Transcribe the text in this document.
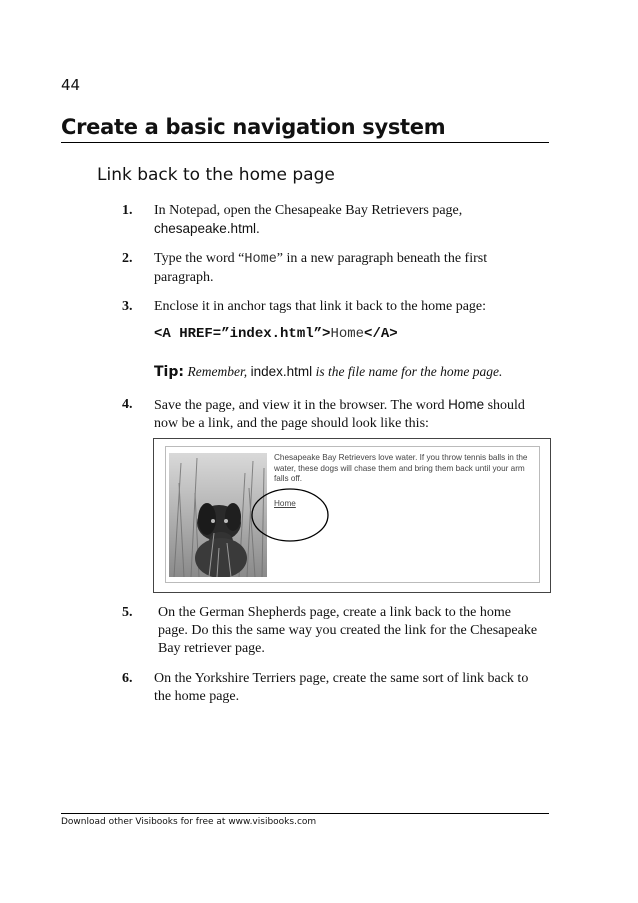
44
Create a basic navigation system
Link back to the home page
1. In Notepad, open the Chesapeake Bay Retrievers page,
chesapeake.html.
2. Type the word “Home” in a new paragraph beneath the first paragraph.
3. Enclose it in anchor tags that link it back to the home page:
<A HREF=”index.html”>Home</A>
Tip: Remember, index.html is the file name for the home page.
4. Save the page, and view it in the browser. The word Home should now be a link, and the page should look like this:
Chesapeake Bay Retrievers love water. If you throw tennis balls in the water, these dogs will chase them and bring them back until your arm falls off.
Home
5. On the German Shepherds page, create a link back to the home page. Do this the same way you created the link for the Chesapeake Bay retriever page.
6. On the Yorkshire Terriers page, create the same sort of link back to the home page.
Download other Visibooks for free at www.visibooks.com
